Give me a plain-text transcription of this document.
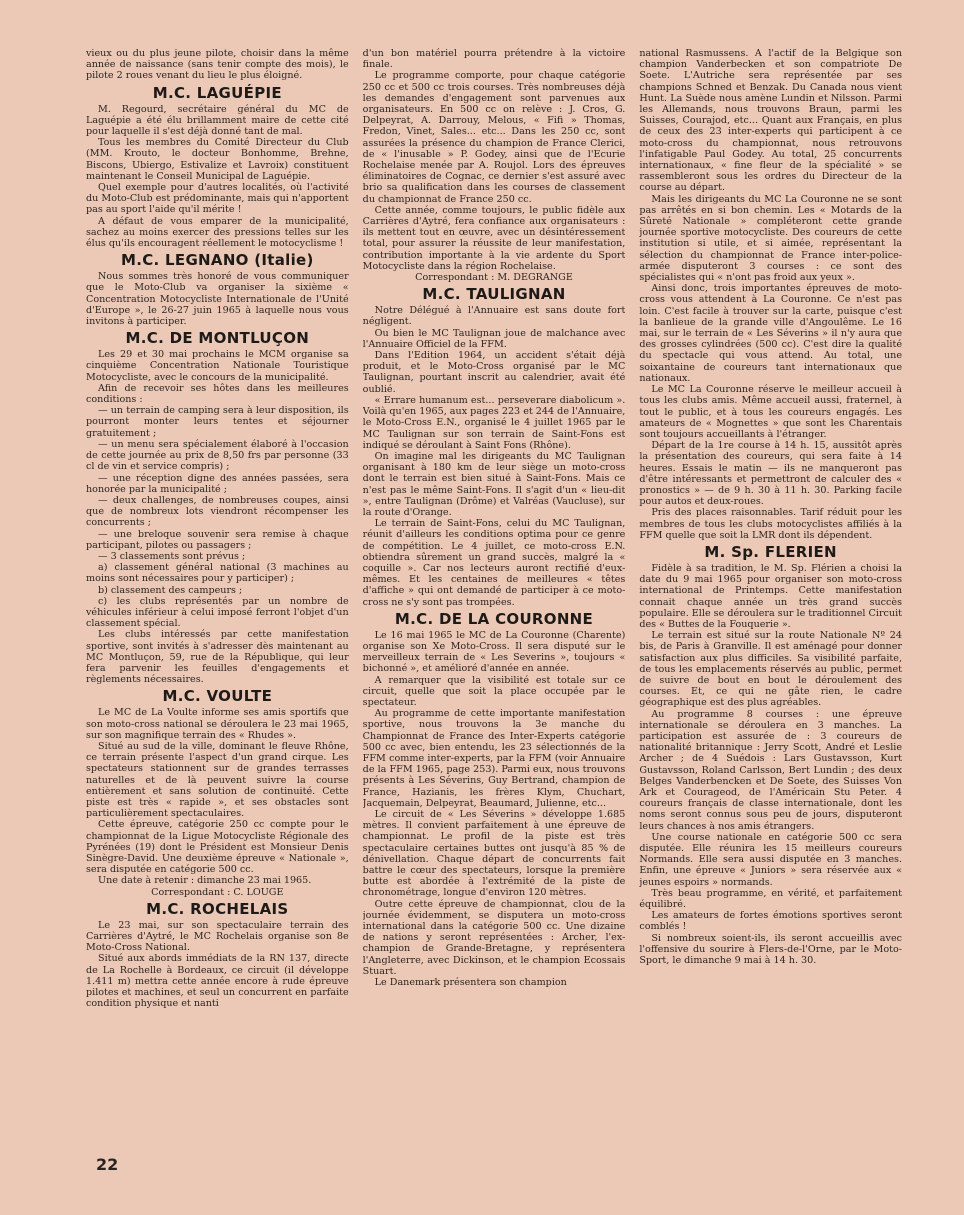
vieux ou du plus jeune pilote, choisir dans la même année de naissance (sans tenir compte des mois), le pilote 2 roues venant du lieu le plus éloigné.

M.C. LAGUÉPIE

M. Regourd, secrétaire général du MC de Laguépie a été élu brillamment maire de cette cité pour laquelle il s'est déjà donné tant de mal.

Tous les membres du Comité Directeur du Club (MM. Krouto, le docteur Bonhomme, Brehne, Biscons, Ubiergo, Estivalize et Lavroix) constituent maintenant le Conseil Municipal de Laguépie.

Quel exemple pour d'autres localités, où l'activité du Moto-Club est prédominante, mais qui n'apportent pas au sport l'aide qu'il mérite !

A défaut de vous emparer de la municipalité, sachez au moins exercer des pressions telles sur les élus qu'ils encouragent réellement le motocyclisme !

M.C. LEGNANO (Italie)

Nous sommes très honoré de vous communiquer que le Moto-Club va organiser la sixième « Concentration Motocycliste Internationale de l'Unité d'Europe », le 26-27 juin 1965 à laquelle nous vous invitons à participer.

M.C. DE MONTLUÇON

Les 29 et 30 mai prochains le MCM organise sa cinquième Concentration Nationale Touristique Motocycliste, avec le concours de la municipalité.

Afin de recevoir ses hôtes dans les meilleures conditions :

— un terrain de camping sera à leur disposition, ils pourront monter leurs tentes et séjourner gratuitement ;

— un menu sera spécialement élaboré à l'occasion de cette journée au prix de 8,50 frs par personne (33 cl de vin et service compris) ;

— une réception digne des années passées, sera honorée par la municipalité ;

— deux challenges, de nombreuses coupes, ainsi que de nombreux lots viendront récompenser les concurrents ;

— une breloque souvenir sera remise à chaque participant, pilotes ou passagers ;

— 3 classements sont prévus ;

a) classement général national (3 machines au moins sont nécessaires pour y participer) ;

b) classement des campeurs ;

c) les clubs représentés par un nombre de véhicules inférieur à celui imposé ferront l'objet d'un classement spécial.

Les clubs intéressés par cette manifestation sportive, sont invités à s'adresser dès maintenant au MC Montluçon, 59, rue de la République, qui leur fera parvenir les feuilles d'engagements et règlements nécessaires.

M.C. VOULTE

Le MC de La Voulte informe ses amis sportifs que son moto-cross national se déroulera le 23 mai 1965, sur son magnifique terrain des « Rhudes ».

Situé au sud de la ville, dominant le fleuve Rhône, ce terrain présente l'aspect d'un grand cirque. Les spectateurs stationnent sur de grandes terrasses naturelles et de là peuvent suivre la course entièrement et sans solution de continuité. Cette piste est très « rapide », et ses obstacles sont particulièrement spectaculaires.

Cette épreuve, catégorie 250 cc compte pour le championnat de la Ligue Motocycliste Régionale des Pyrénées (19) dont le Président est Monsieur Denis Sinègre-David. Une deuxième épreuve « Nationale », sera disputée en catégorie 500 cc.

Une date à retenir : dimanche 23 mai 1965.

Correspondant : C. LOUGE

M.C. ROCHELAIS

Le 23 mai, sur son spectaculaire terrain des Carrières d'Aytré, le MC Rochelais organise son 8e Moto-Cross National.

Situé aux abords immédiats de la RN 137, directe de La Rochelle à Bordeaux, ce circuit (il développe 1.411 m) mettra cette année encore à rude épreuve pilotes et machines, et seul un concurrent en parfaite condition physique et nanti

d'un bon matériel pourra prétendre à la victoire finale.

Le programme comporte, pour chaque catégorie 250 cc et 500 cc trois courses. Très nombreuses déjà les demandes d'engagement sont parvenues aux organisateurs. En 500 cc on relève : J. Cros, G. Delpeyrat, A. Darrouy, Melous, « Fifi » Thomas, Fredon, Vinet, Sales... etc... Dans les 250 cc, sont assurées la présence du champion de France Clerici, de « l'inusable » P. Godey, ainsi que de l'Ecurie Rochelaise menée par A. Roujol. Lors des épreuves éliminatoires de Cognac, ce dernier s'est assuré avec brio sa qualification dans les courses de classement du championnat de France 250 cc.

Cette année, comme toujours, le public fidèle aux Carrières d'Aytré, fera confiance aux organisateurs : ils mettent tout en œuvre, avec un désintéressement total, pour assurer la réussite de leur manifestation, contribution importante à la vie ardente du Sport Motocycliste dans la région Rochelaise.

Correspondant : M. DEGRANGE

M.C. TAULIGNAN

Notre Délégué à l'Annuaire est sans doute fort négligent.

Ou bien le MC Taulignan joue de malchance avec l'Annuaire Officiel de la FFM.

Dans l'Edition 1964, un accident s'était déjà produit, et le Moto-Cross organisé par le MC Taulignan, pourtant inscrit au calendrier, avait été oublié.

« Errare humanum est... perseverare diabolicum ». Voilà qu'en 1965, aux pages 223 et 244 de l'Annuaire, le Moto-Cross E.N., organisé le 4 juillet 1965 par le MC Taulignan sur son terrain de Saint-Fons est indiqué se déroulant à Saint Fons (Rhône).

On imagine mal les dirigeants du MC Taulignan organisant à 180 km de leur siège un moto-cross dont le terrain est bien situé à Saint-Fons. Mais ce n'est pas le même Saint-Fons. Il s'agit d'un « lieu-dit », entre Taulignan (Drôme) et Valréas (Vaucluse), sur la route d'Orange.

Le terrain de Saint-Fons, celui du MC Taulignan, réunit d'ailleurs les conditions optima pour ce genre de compétition. Le 4 juillet, ce moto-cross E.N. obtiendra sûrement un grand succès, malgré la « coquille ». Car nos lecteurs auront rectifié d'eux-mêmes. Et les centaines de meilleures « têtes d'affiche » qui ont demandé de participer à ce moto-cross ne s'y sont pas trompées.

M.C. DE LA COURONNE

Le 16 mai 1965 le MC de La Couronne (Charente) organise son Xe Moto-Cross. Il sera disputé sur le merveilleux terrain de « Les Severins », toujours « bichonné », et amélioré d'année en année.

A remarquer que la visibilité est totale sur ce circuit, quelle que soit la place occupée par le spectateur.

Au programme de cette importante manifestation sportive, nous trouvons la 3e manche du Championnat de France des Inter-Experts catégorie 500 cc avec, bien entendu, les 23 sélectionnés de la FFM comme inter-experts, par la FFM (voir Annuaire de la FFM 1965, page 253). Parmi eux, nous trouvons présents à Les Séverins, Guy Bertrand, champion de France, Hazianis, les frères Klym, Chuchart, Jacquemain, Delpeyrat, Beaumard, Julienne, etc...

Le circuit de « Les Séverins » développe 1.685 mètres. Il convient parfaitement à une épreuve de championnat. Le profil de la piste est très spectaculaire certaines buttes ont jusqu'à 85 % de dénivellation. Chaque départ de concurrents fait battre le cœur des spectateurs, lorsque la première butte est abordée à l'extrémité de la piste de chronométrage, longue d'environ 120 mètres.

Outre cette épreuve de championnat, clou de la journée évidemment, se disputera un moto-cross international dans la catégorie 500 cc. Une dizaine de nations y seront représentées : Archer, l'ex-champion de Grande-Bretagne, y représentera l'Angleterre, avec Dickinson, et le champion Ecossais Stuart.

Le Danemark présentera son champion

national Rasmussens. A l'actif de la Belgique son champion Vanderbecken et son compatriote De Soete. L'Autriche sera représentée par ses champions Schned et Benzak. Du Canada nous vient Hunt. La Suède nous amène Lundin et Nilsson. Parmi les Allemands, nous trouvons Braun, parmi les Suisses, Courajod, etc... Quant aux Français, en plus de ceux des 23 inter-experts qui participent à ce moto-cross du championnat, nous retrouvons l'infatigable Paul Godey. Au total, 25 concurrents internationaux, « fine fleur de la spécialité » se rassembleront sous les ordres du Directeur de la course au départ.

Mais les dirigeants du MC La Couronne ne se sont pas arrêtés en si bon chemin. Les « Motards de la Sûreté Nationale » compléteront cette grande journée sportive motocycliste. Des coureurs de cette institution si utile, et si aimée, représentant la sélection du championnat de France inter-police-armée disputeront 3 courses : ce sont des spécialistes qui « n'ont pas froid aux yeux ».

Ainsi donc, trois importantes épreuves de moto-cross vous attendent à La Couronne. Ce n'est pas loin. C'est facile à trouver sur la carte, puisque c'est la banlieue de la grande ville d'Angoulême. Le 16 mai, sur le terrain de « Les Séverins » il n'y aura que des grosses cylindrées (500 cc). C'est dire la qualité du spectacle qui vous attend. Au total, une soixantaine de coureurs tant internationaux que nationaux.

Le MC La Couronne réserve le meilleur accueil à tous les clubs amis. Même accueil aussi, fraternel, à tout le public, et à tous les coureurs engagés. Les amateurs de « Mognettes » que sont les Charentais sont toujours accueillants à l'étranger.

Départ de la 1re course à 14 h. 15, aussitôt après la présentation des coureurs, qui sera faite à 14 heures. Essais le matin — ils ne manqueront pas d'être intéressants et permettront de calculer des « pronostics » — de 9 h. 30 à 11 h. 30. Parking facile pour autos et deux-roues.

Pris des places raisonnables. Tarif réduit pour les membres de tous les clubs motocyclistes affiliés à la FFM quelle que soit la LMR dont ils dépendent.

M. Sp. FLERIEN

Fidèle à sa tradition, le M. Sp. Flérien a choisi la date du 9 mai 1965 pour organiser son moto-cross international de Printemps. Cette manifestation connait chaque année un très grand succès populaire. Elle se déroulera sur le traditionnel Circuit des « Buttes de la Fouquerie ».

Le terrain est situé sur la route Nationale Nº 24 bis, de Paris à Granville. Il est aménagé pour donner satisfaction aux plus difficiles. Sa visibilité parfaite, de tous les emplacements réservés au public, permet de suivre de bout en bout le déroulement des courses. Et, ce qui ne gâte rien, le cadre géographique est des plus agréables.

Au programme 8 courses : une épreuve internationale se déroulera en 3 manches. La participation est assurée de : 3 coureurs de nationalité britannique : Jerry Scott, André et Leslie Archer ; de 4 Suédois : Lars Gustavsson, Kurt Gustavsson, Roland Carlsson, Bert Lundin ; des deux Belges Vanderbencken et De Soete, des Suisses Von Ark et Courageod, de l'Américain Stu Peter. 4 coureurs français de classe internationale, dont les noms seront connus sous peu de jours, disputeront leurs chances à nos amis étrangers.

Une course nationale en catégorie 500 cc sera disputée. Elle réunira les 15 meilleurs coureurs Normands. Elle sera aussi disputée en 3 manches. Enfin, une épreuve « Juniors » sera réservée aux « jeunes espoirs » normands.

Très beau programme, en vérité, et parfaitement équilibré.

Les amateurs de fortes émotions sportives seront comblés !

Si nombreux soient-ils, ils seront accueillis avec l'offensive du sourire à Flers-de-l'Orne, par le Moto-Sport, le dimanche 9 mai à 14 h. 30.

22
